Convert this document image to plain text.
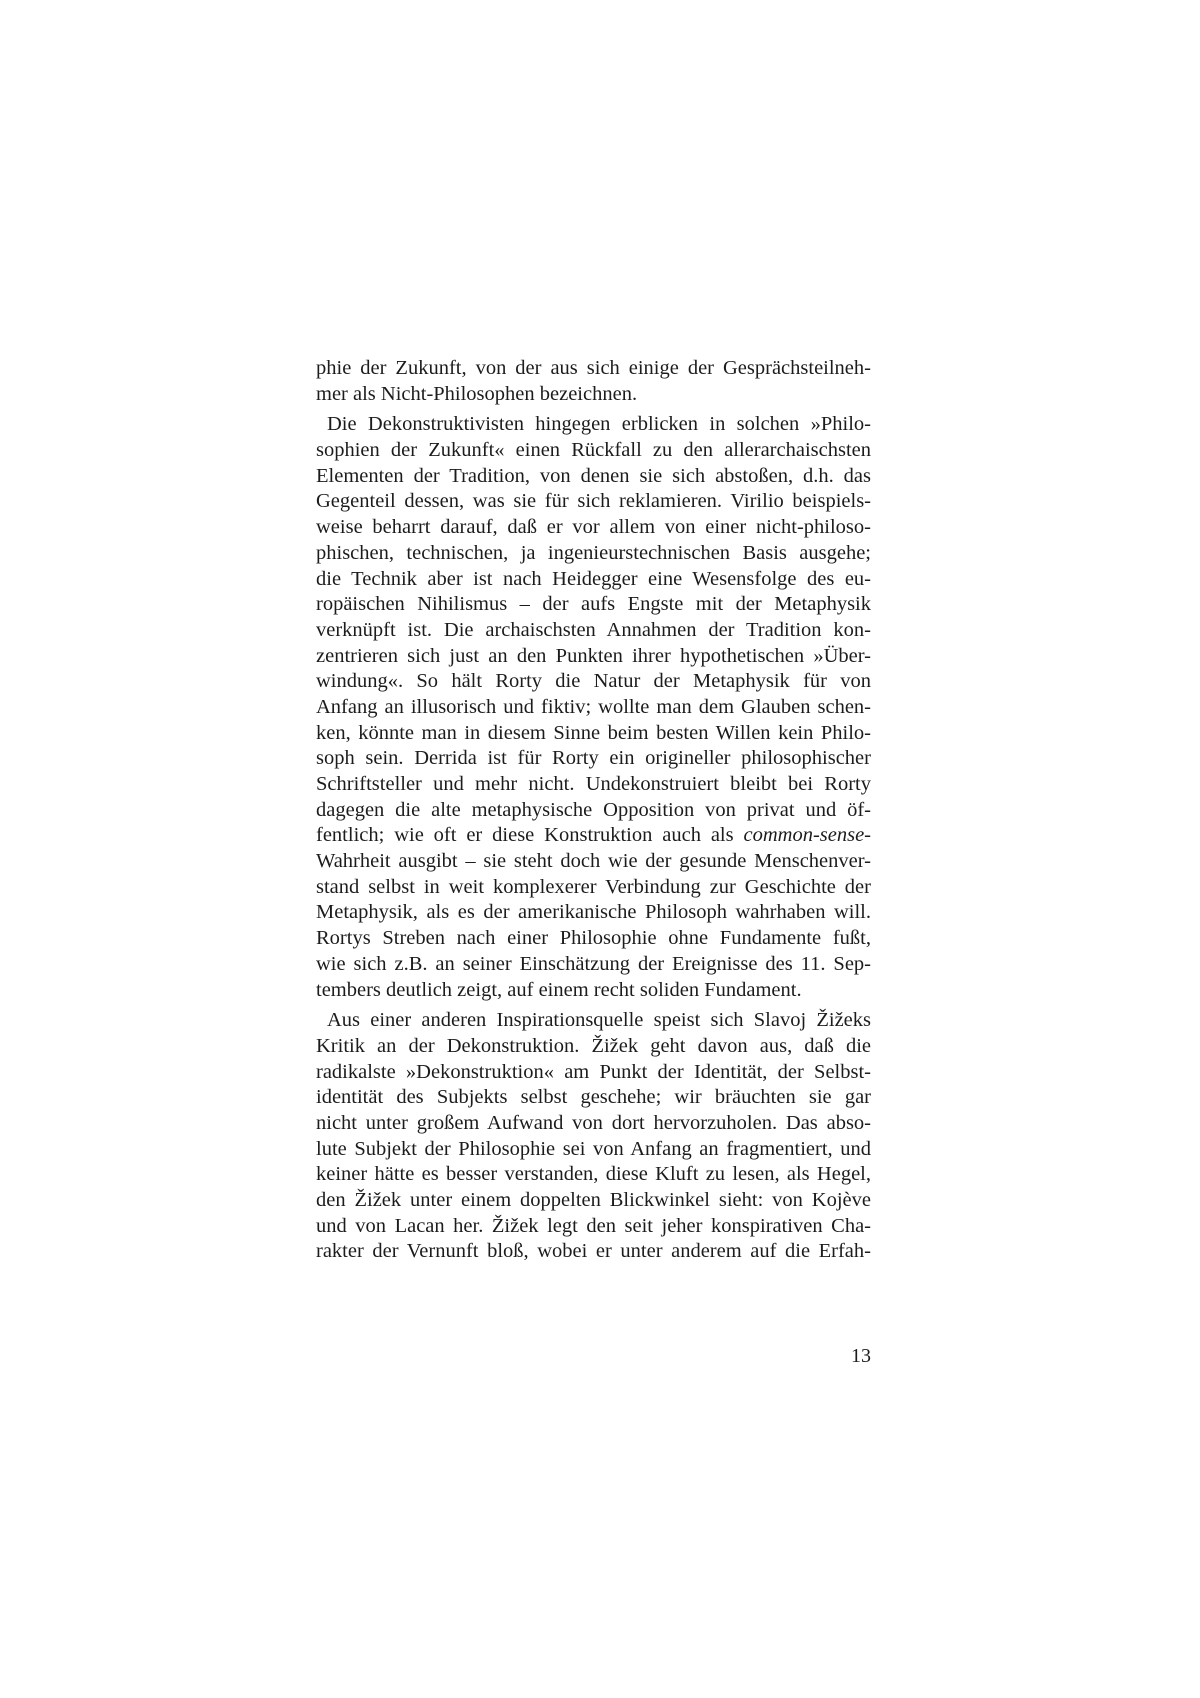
phie der Zukunft, von der aus sich einige der Gesprächsteilneh-
mer als Nicht-Philosophen bezeichnen.
Die Dekonstruktivisten hingegen erblicken in solchen »Philo-
sophien der Zukunft« einen Rückfall zu den allerarchaischsten
Elementen der Tradition, von denen sie sich abstoßen, d.h. das
Gegenteil dessen, was sie für sich reklamieren. Virilio beispiels-
weise beharrt darauf, daß er vor allem von einer nicht-philoso-
phischen, technischen, ja ingenieurstechnischen Basis ausgehe;
die Technik aber ist nach Heidegger eine Wesensfolge des eu-
ropäischen Nihilismus – der aufs Engste mit der Metaphysik
verknüpft ist. Die archaischsten Annahmen der Tradition kon-
zentrieren sich just an den Punkten ihrer hypothetischen »Über-
windung«. So hält Rorty die Natur der Metaphysik für von
Anfang an illusorisch und fiktiv; wollte man dem Glauben schen-
ken, könnte man in diesem Sinne beim besten Willen kein Philo-
soph sein. Derrida ist für Rorty ein origineller philosophischer
Schriftsteller und mehr nicht. Undekonstruiert bleibt bei Rorty
dagegen die alte metaphysische Opposition von privat und öf-
fentlich; wie oft er diese Konstruktion auch als common-sense-
Wahrheit ausgibt – sie steht doch wie der gesunde Menschenver-
stand selbst in weit komplexerer Verbindung zur Geschichte der
Metaphysik, als es der amerikanische Philosoph wahrhaben will.
Rortys Streben nach einer Philosophie ohne Fundamente fußt,
wie sich z.B. an seiner Einschätzung der Ereignisse des 11. Sep-
tembers deutlich zeigt, auf einem recht soliden Fundament.
Aus einer anderen Inspirationsquelle speist sich Slavoj Žižeks
Kritik an der Dekonstruktion. Žižek geht davon aus, daß die
radikalste »Dekonstruktion« am Punkt der Identität, der Selbst-
identität des Subjekts selbst geschehe; wir bräuchten sie gar
nicht unter großem Aufwand von dort hervorzuholen. Das abso-
lute Subjekt der Philosophie sei von Anfang an fragmentiert, und
keiner hätte es besser verstanden, diese Kluft zu lesen, als Hegel,
den Žižek unter einem doppelten Blickwinkel sieht: von Kojève
und von Lacan her. Žižek legt den seit jeher konspirativen Cha-
rakter der Vernunft bloß, wobei er unter anderem auf die Erfah-
13
